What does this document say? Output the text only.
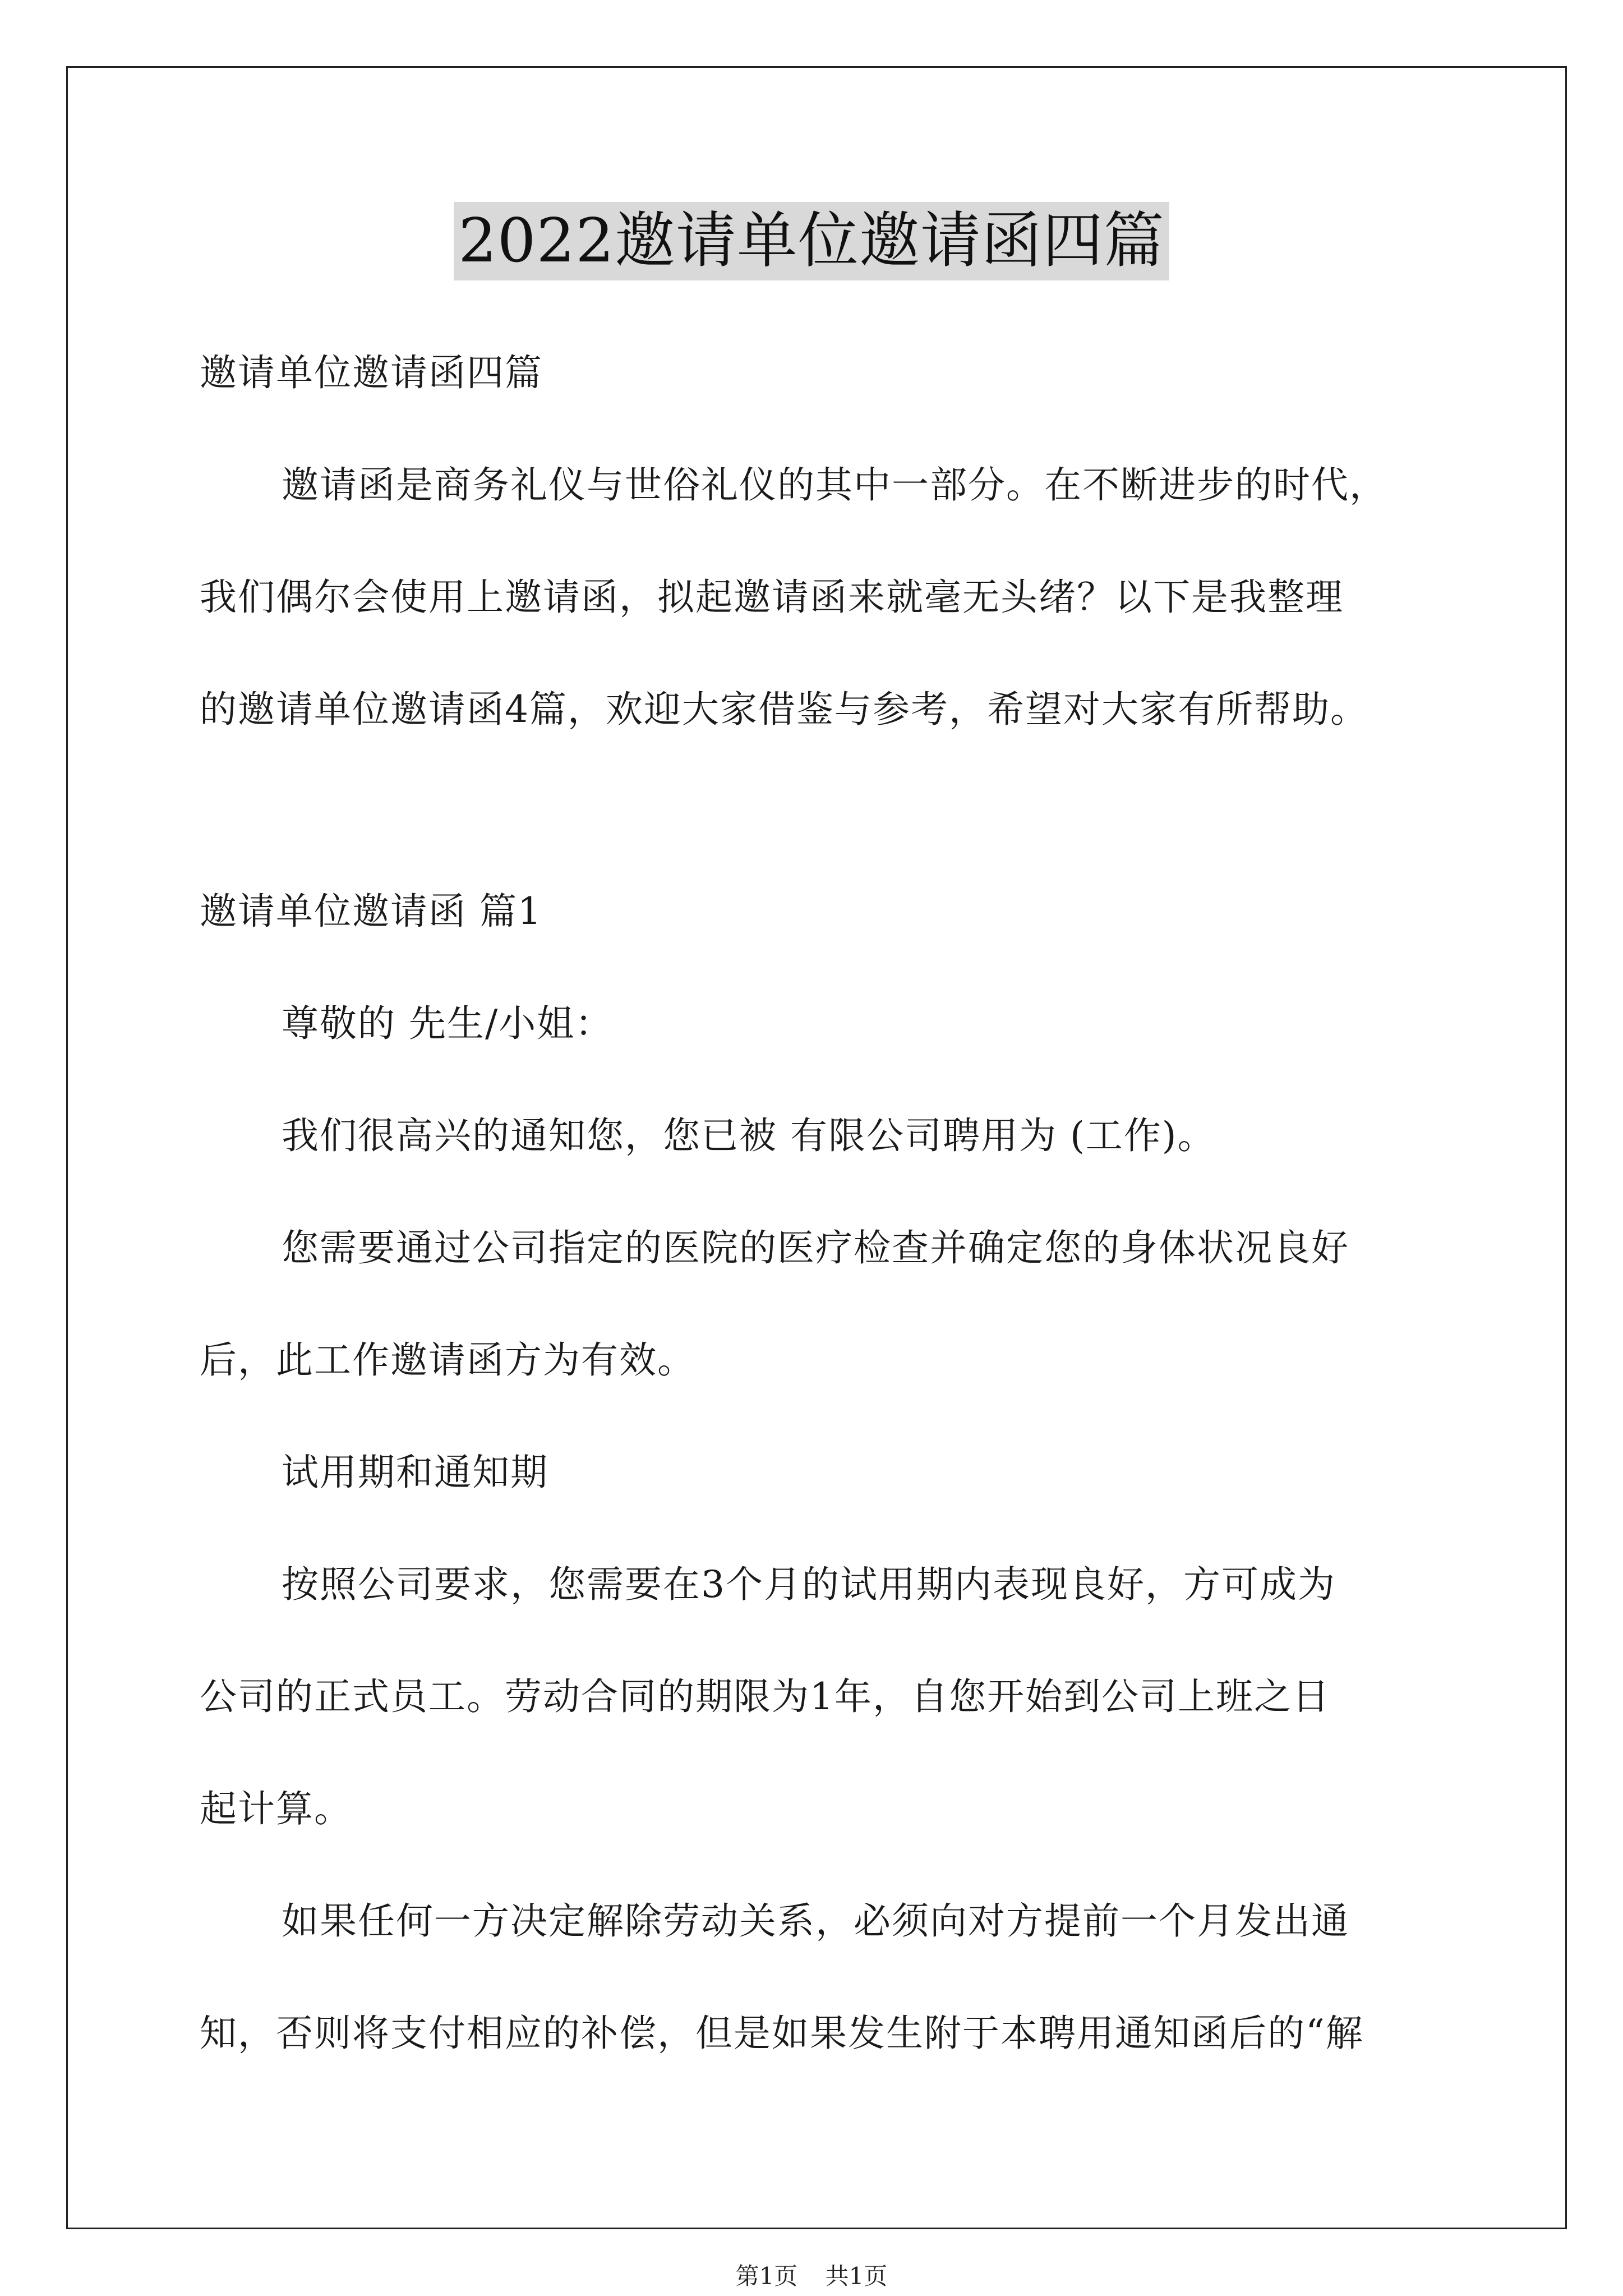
2022邀请单位邀请函四篇
邀请单位邀请函四篇
邀请函是商务礼仪与世俗礼仪的其中一部分。在不断进步的时代，
我们偶尔会使用上邀请函，拟起邀请函来就毫无头绪？以下是我整理
的邀请单位邀请函4篇，欢迎大家借鉴与参考，希望对大家有所帮助。
邀请单位邀请函 篇1
尊敬的 先生/小姐：
我们很高兴的通知您，您已被 有限公司聘用为 (工作)。
您需要通过公司指定的医院的医疗检查并确定您的身体状况良好
后，此工作邀请函方为有效。
试用期和通知期
按照公司要求，您需要在3个月的试用期内表现良好，方可成为
公司的正式员工。劳动合同的期限为1年，自您开始到公司上班之日
起计算。
如果任何一方决定解除劳动关系，必须向对方提前一个月发出通
知，否则将支付相应的补偿，但是如果发生附于本聘用通知函后的“解
第1页 共1页
